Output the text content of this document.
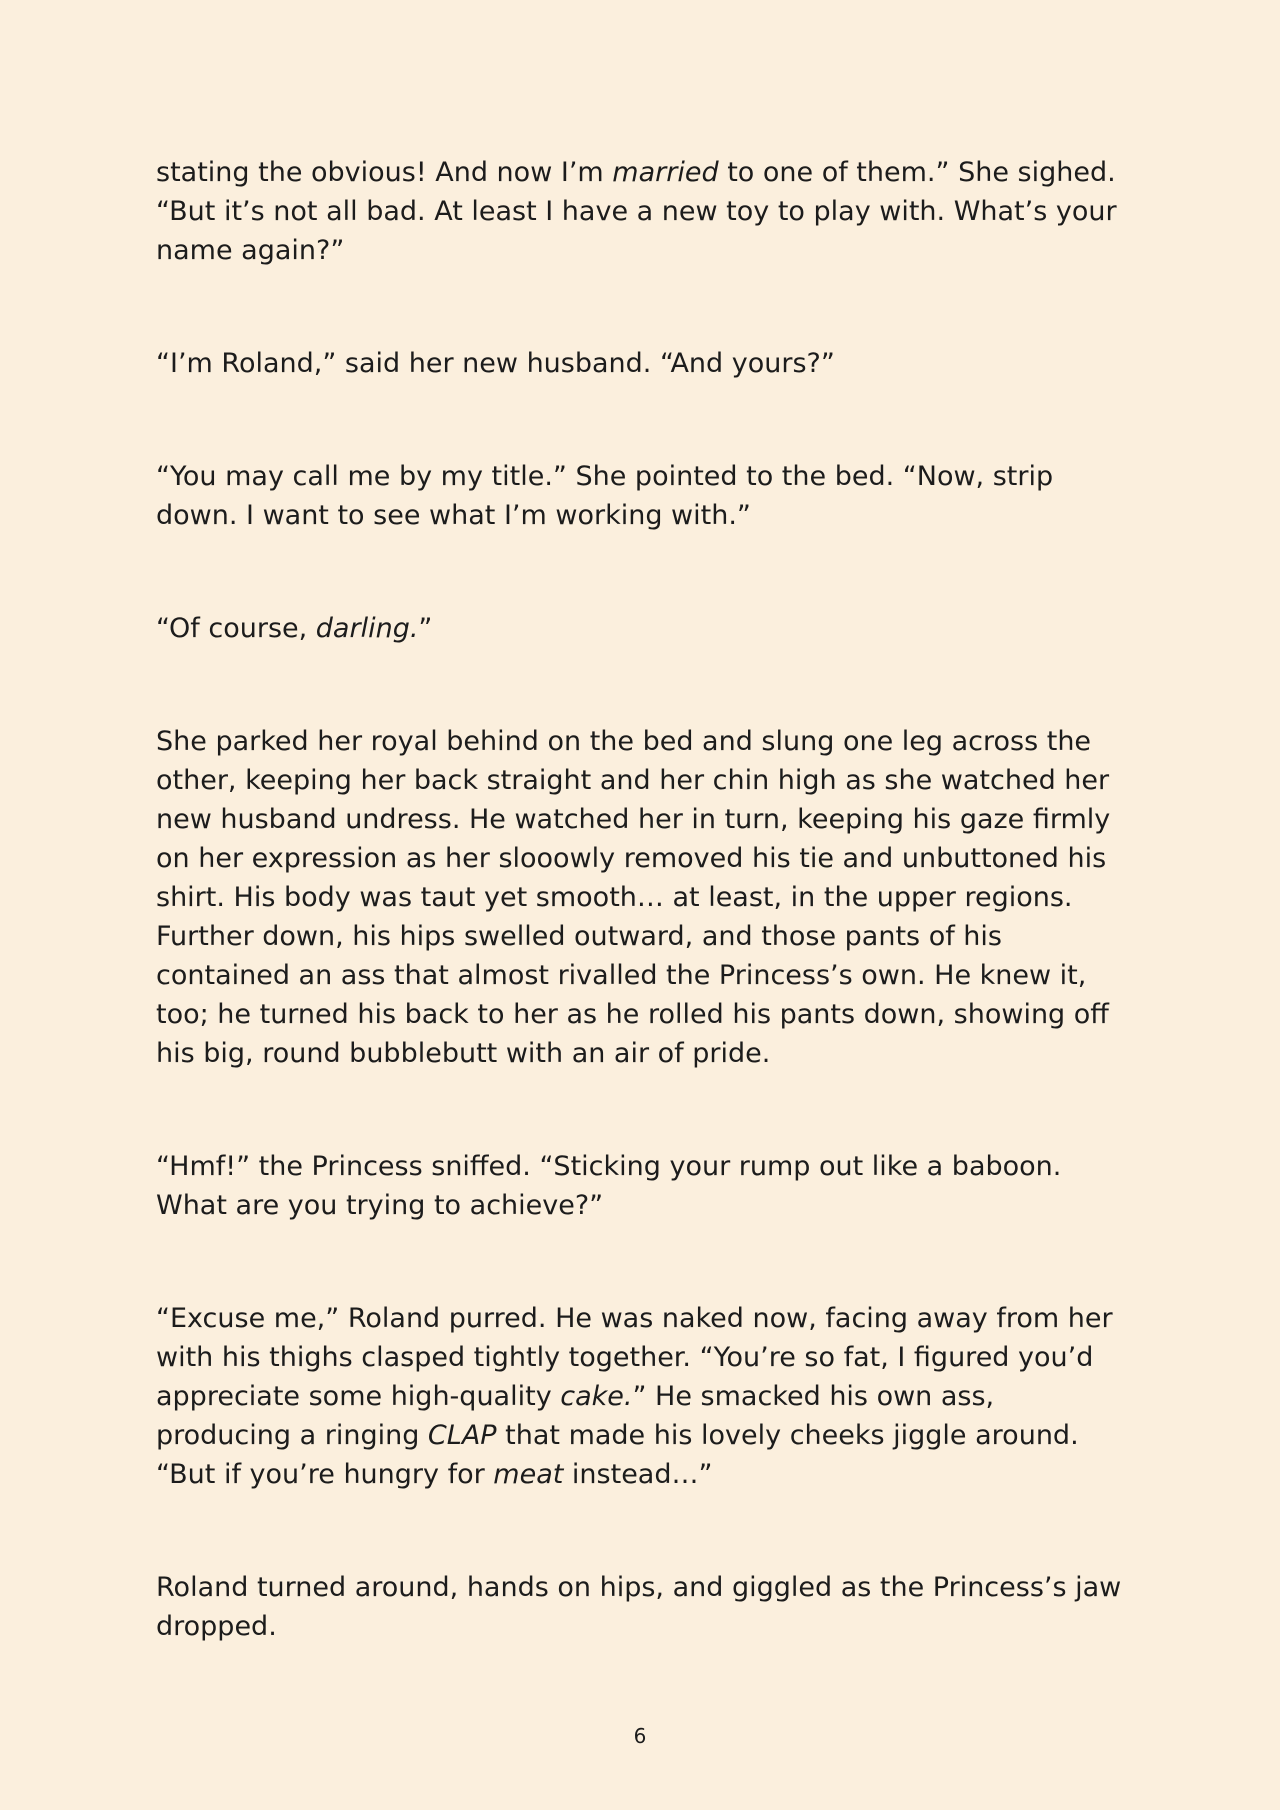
stating the obvious! And now I’m married to one of them.” She sighed. “But it’s not all bad. At least I have a new toy to play with. What’s your name again?”

“I’m Roland,” said her new husband. “And yours?”

“You may call me by my title.” She pointed to the bed. “Now, strip down. I want to see what I’m working with.”

“Of course, darling.”

She parked her royal behind on the bed and slung one leg across the other, keeping her back straight and her chin high as she watched her new husband undress. He watched her in turn, keeping his gaze firmly on her expression as her slooowly removed his tie and unbuttoned his shirt. His body was taut yet smooth… at least, in the upper regions. Further down, his hips swelled outward, and those pants of his contained an ass that almost rivalled the Princess’s own. He knew it, too; he turned his back to her as he rolled his pants down, showing off his big, round bubblebutt with an air of pride.

“Hmf!” the Princess sniffed. “Sticking your rump out like a baboon. What are you trying to achieve?”

“Excuse me,” Roland purred. He was naked now, facing away from her with his thighs clasped tightly together. “You’re so fat, I figured you’d appreciate some high-quality cake.” He smacked his own ass, producing a ringing CLAP that made his lovely cheeks jiggle around. “But if you’re hungry for meat instead…”

Roland turned around, hands on hips, and giggled as the Princess’s jaw dropped.

6
